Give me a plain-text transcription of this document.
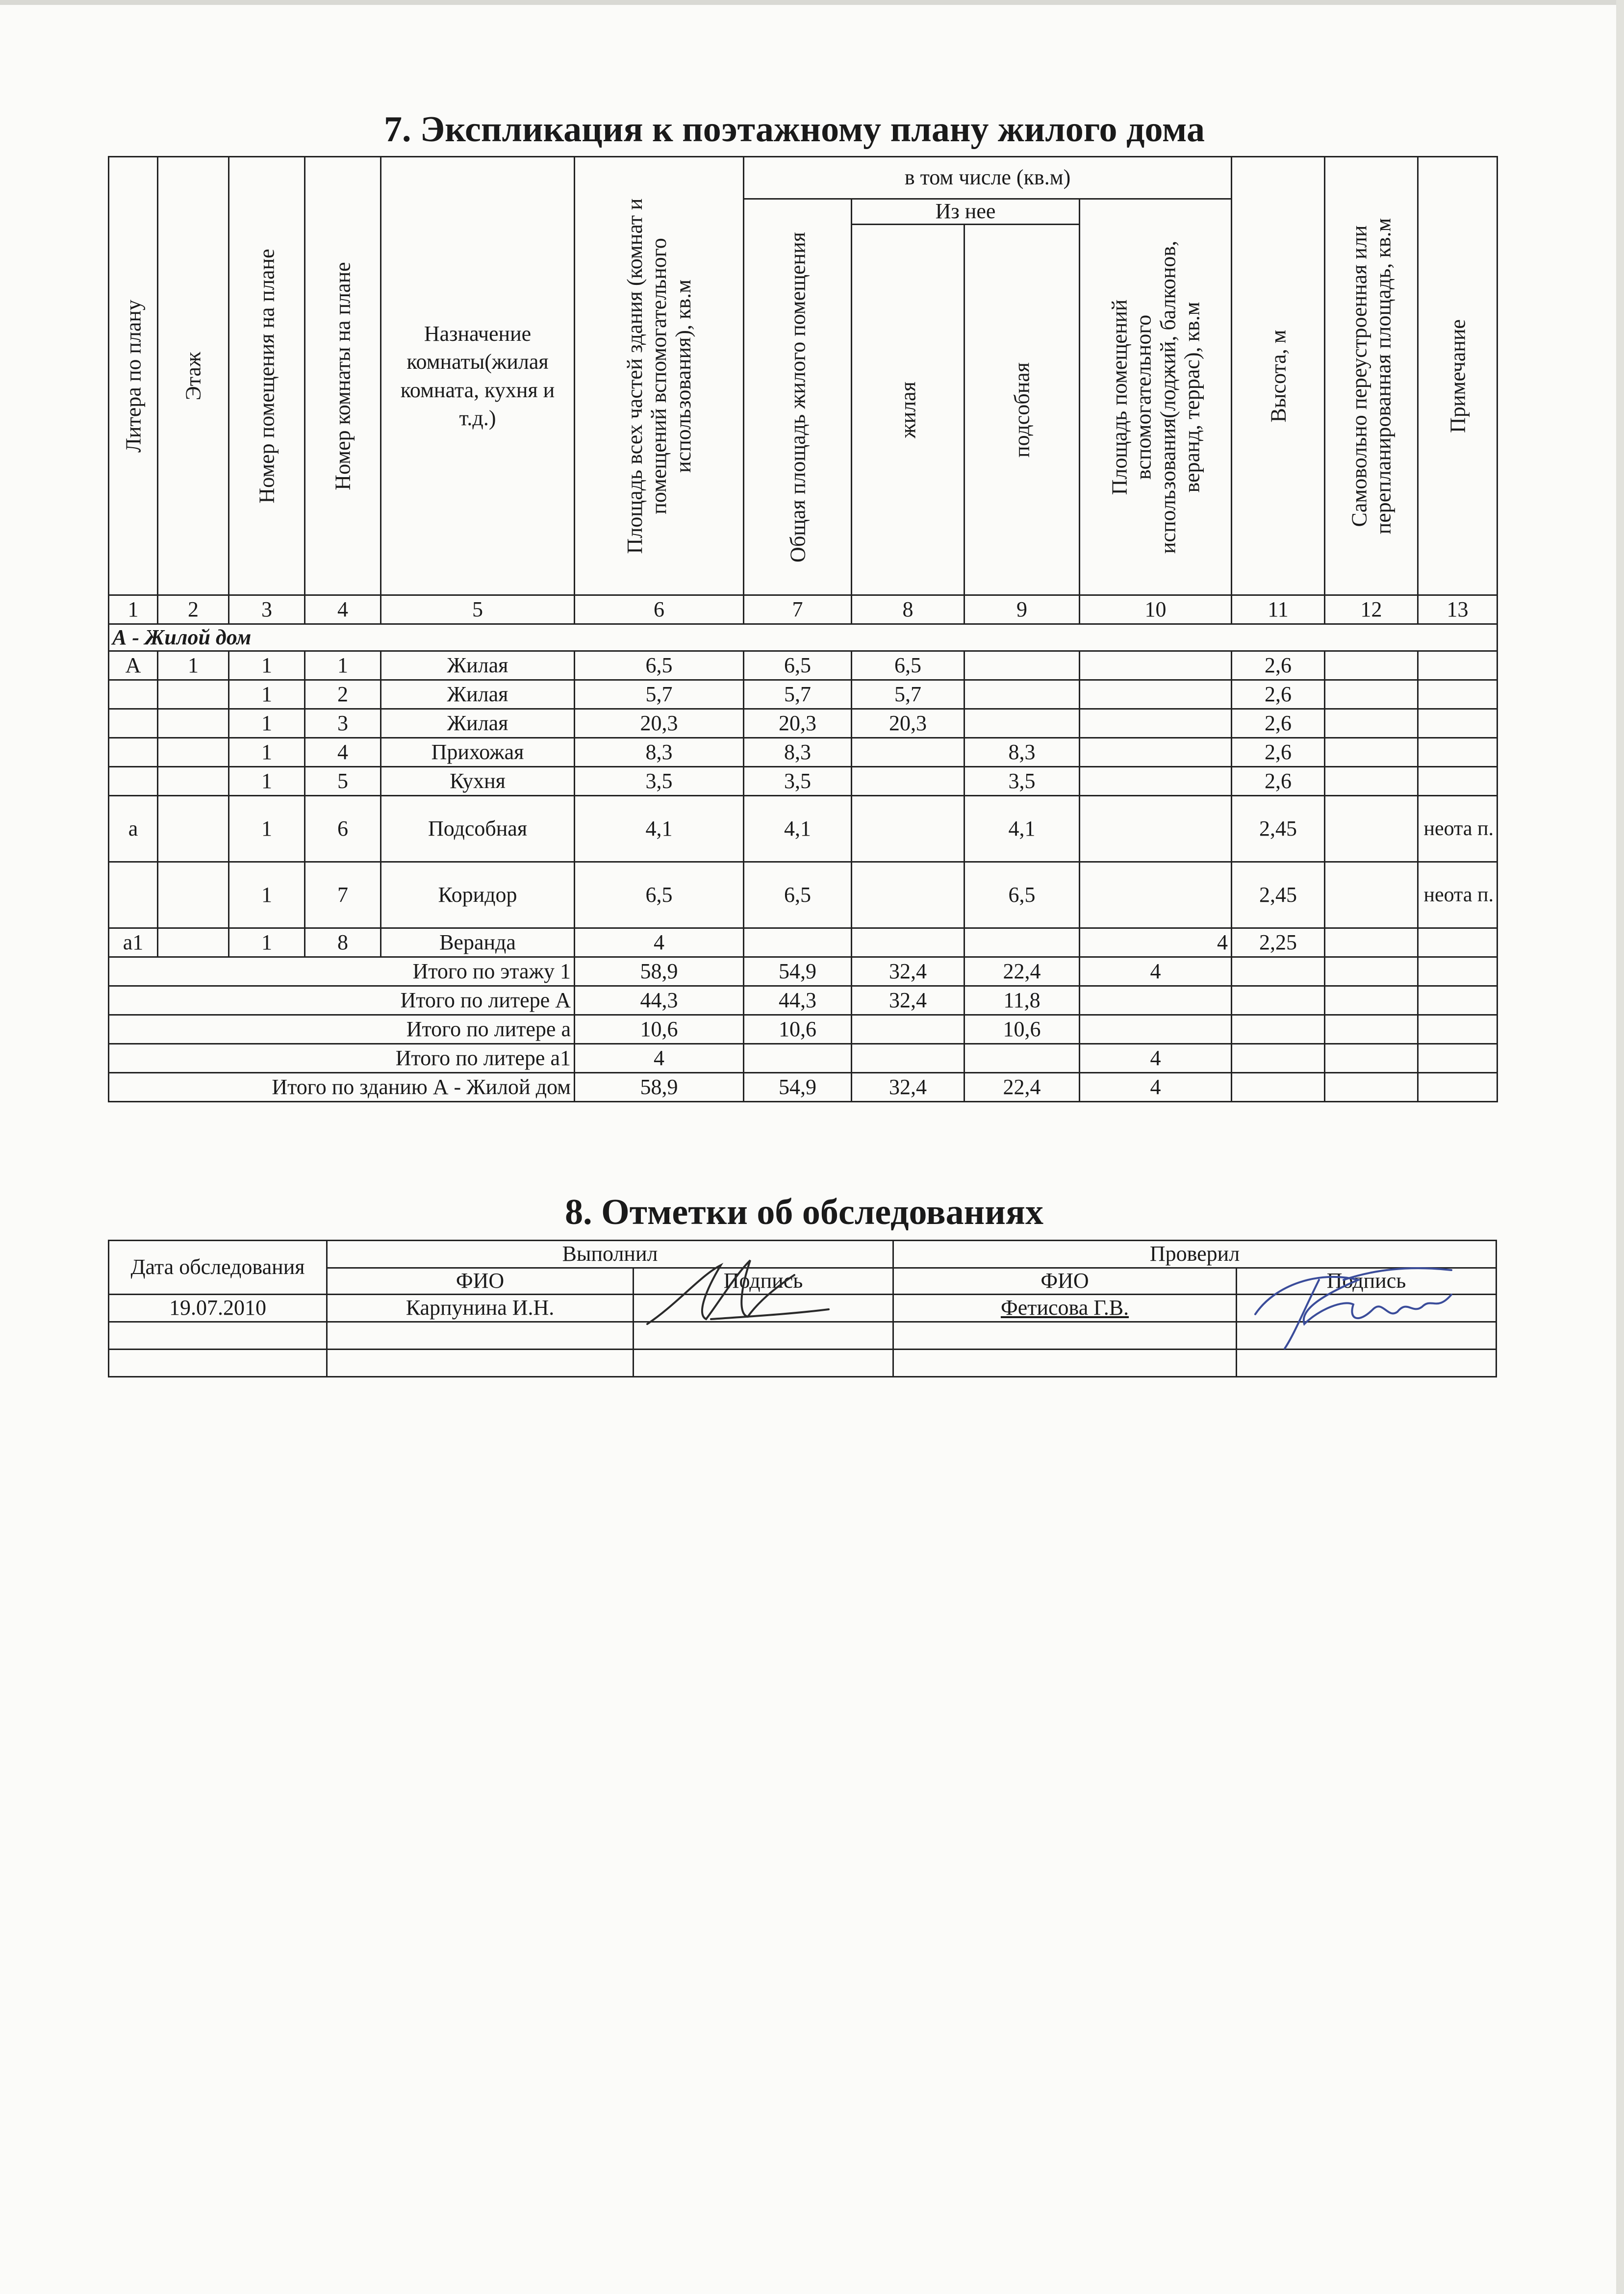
7. Экспликация к поэтажному плану жилого дома
Литера по плану	Этаж	Номер помещения на плане	Номер комнаты на плане	Назначение комнаты(жилая комната, кухня и т.д.)	Площадь всех частей здания (комнат и помещений вспомогательного использования), кв.м	в том числе (кв.м)				Высота, м	Самовольно переустроенная или перепланированная площадь, кв.м	Примечание

						Общая площадь жилого помещения	Из нее		Площадь помещений вспомогательного использования(лоджий, балконов, веранд, террас), кв.м			

							жилая	подсобная				

1	2	3	4	5	6	7	8	9	10	11	12	13
А - Жилой дом												
А	1	1	1	Жилая	6,5	6,5	6,5			2,6		
		1	2	Жилая	5,7	5,7	5,7			2,6		
		1	3	Жилая	20,3	20,3	20,3			2,6		
		1	4	Прихожая	8,3	8,3		8,3		2,6		
		1	5	Кухня	3,5	3,5		3,5		2,6		
а		1	6	Подсобная	4,1	4,1		4,1		2,45		неота п.
		1	7	Коридор	6,5	6,5		6,5		2,45		неота п.
а1		1	8	Веранда	4				4	2,25		
Итого по этажу 1					58,9	54,9	32,4	22,4	4			
Итого по литере А					44,3	44,3	32,4	11,8				
Итого по литере а					10,6	10,6		10,6				
Итого по литере а1					4				4			
Итого по зданию А - Жилой дом					58,9	54,9	32,4	22,4	4			
8. Отметки об обследованиях
Дата обследования	Выполнил		Проверил	
	ФИО	Подпись	ФИО	Подпись
19.07.2010	Карпунина И.Н.		Фетисова Г.В.	
